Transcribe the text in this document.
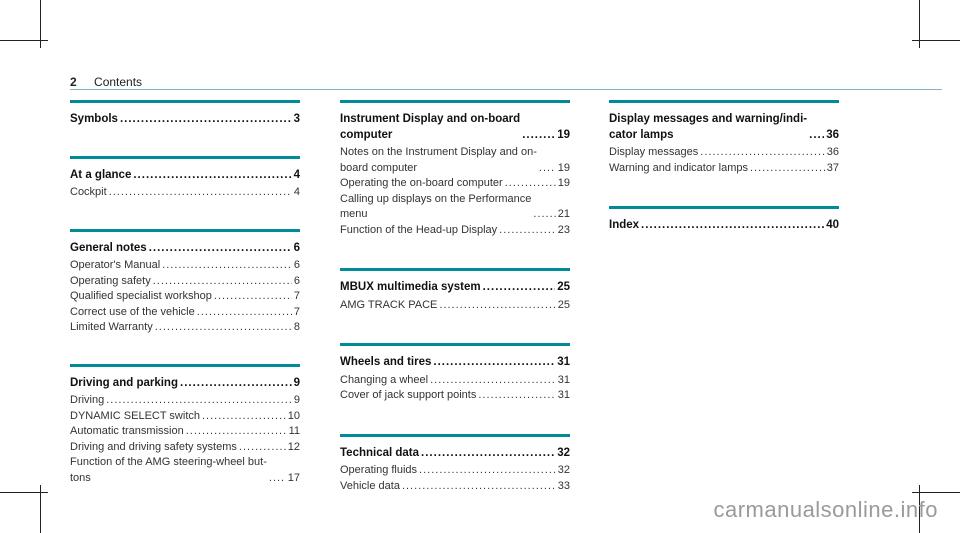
2 Contents
Symbols .....	3
At a glance .....	4
Cockpit .....	4
General notes .....	6
Operator's Manual .....	6
Operating safety .....	6
Qualified specialist workshop .....	7
Correct use of the vehicle .....	7
Limited Warranty .....	8
Driving and parking .....	9
Driving .....	9
DYNAMIC SELECT switch .....	10
Automatic transmission .....	11
Driving and driving safety systems .....	12
Function of the AMG steering-wheel but-
tons .....	17
Instrument Display and on-board
computer .....	19
Notes on the Instrument Display and on-
board computer .....	19
Operating the on-board computer .....	19
Calling up displays on the Performance
menu .....	21
Function of the Head-up Display .....	23
MBUX multimedia system .....	25
AMG TRACK PACE .....	25
Wheels and tires .....	31
Changing a wheel .....	31
Cover of jack support points .....	31
Technical data .....	32
Operating fluids .....	32
Vehicle data .....	33
Display messages and warning/indi-
cator lamps .....	36
Display messages .....	36
Warning and indicator lamps .....	37
Index .....	40
carmanualsonline.info
